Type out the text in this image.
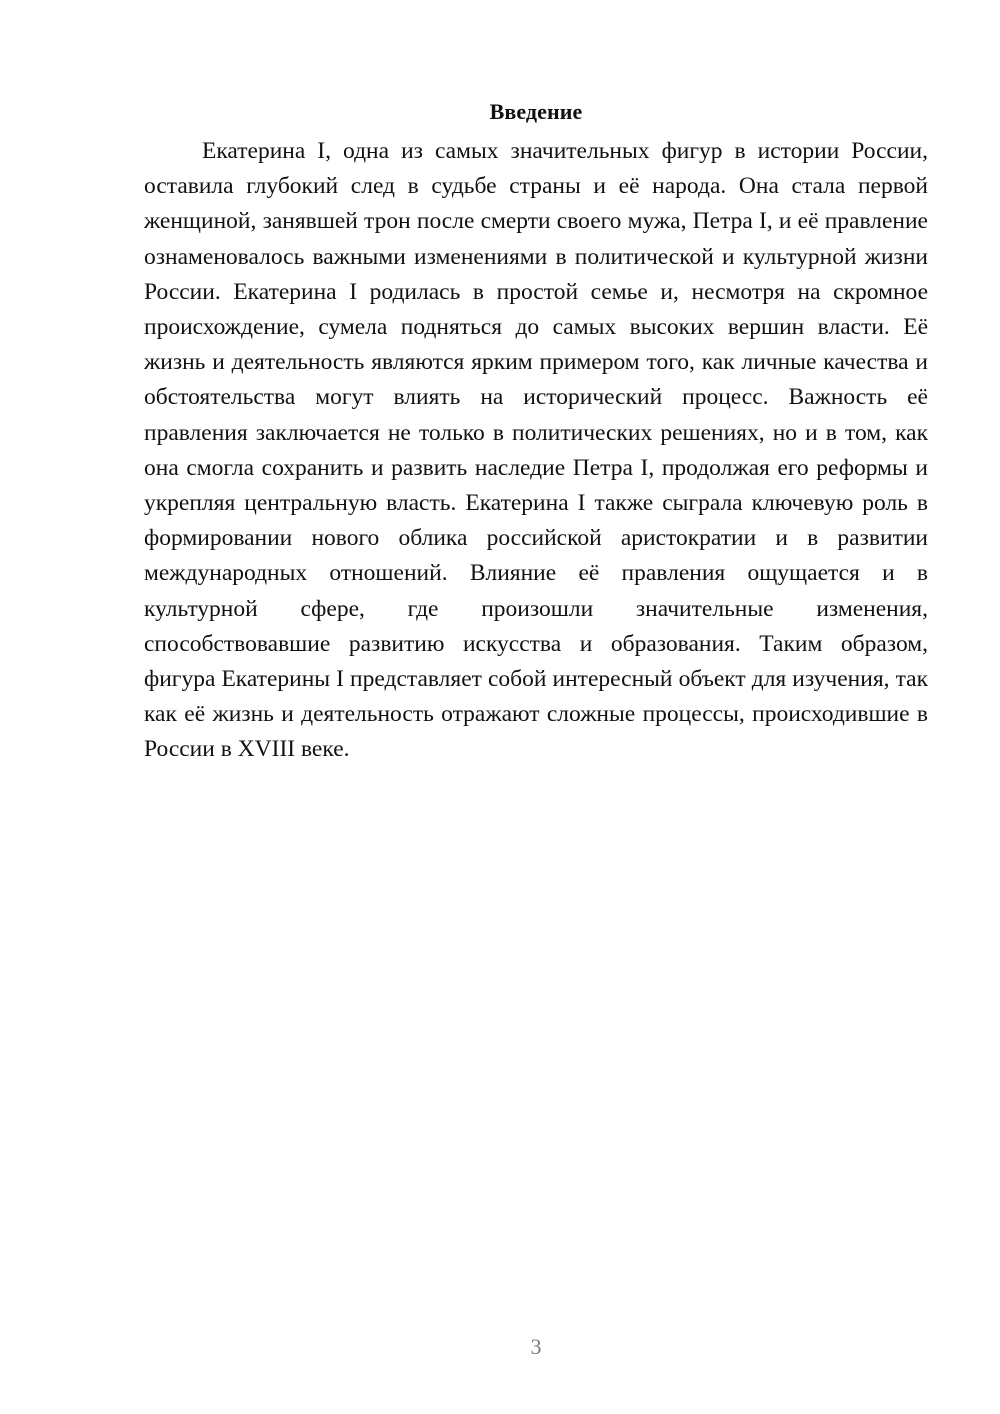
Введение

Екатерина I, одна из самых значительных фигур в истории России, оставила глубокий след в судьбе страны и её народа. Она стала первой женщиной, занявшей трон после смерти своего мужа, Петра I, и её правление ознаменовалось важными изменениями в политической и культурной жизни России. Екатерина I родилась в простой семье и, несмотря на скромное происхождение, сумела подняться до самых высоких вершин власти. Её жизнь и деятельность являются ярким примером того, как личные качества и обстоятельства могут влиять на исторический процесс. Важность её правления заключается не только в политических решениях, но и в том, как она смогла сохранить и развить наследие Петра I, продолжая его реформы и укрепляя центральную власть. Екатерина I также сыграла ключевую роль в формировании нового облика российской аристократии и в развитии международных отношений. Влияние её правления ощущается и в культурной сфере, где произошли значительные изменения, способствовавшие развитию искусства и образования. Таким образом, фигура Екатерины I представляет собой интересный объект для изучения, так как её жизнь и деятельность отражают сложные процессы, происходившие в России в XVIII веке.

3
